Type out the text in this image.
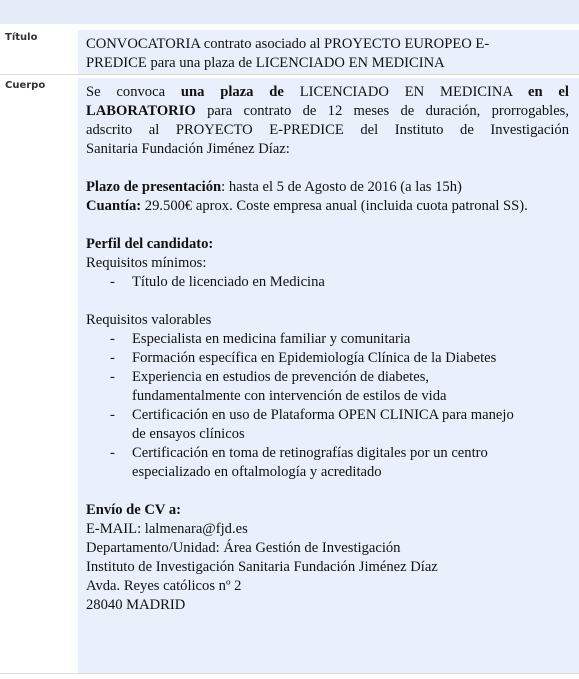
Título	CONVOCATORIA contrato asociado al PROYECTO EUROPEO E-
PREDICE para una plaza de LICENCIADO EN MEDICINA
Cuerpo	Se convoca una plaza de LICENCIADO EN MEDICINA en el
LABORATORIO para contrato de 12 meses de duración, prorrogables,
adscrito al PROYECTO E-PREDICE del Instituto de Investigación
Sanitaria Fundación Jiménez Díaz:
Plazo de presentación: hasta el 5 de Agosto de 2016 (a las 15h)
Cuantía: 29.500€ aprox. Coste empresa anual (incluida cuota patronal SS).
Perfil del candidato:
Requisitos mínimos:
- Título de licenciado en Medicina
Requisitos valorables
- Especialista en medicina familiar y comunitaria
- Formación específica en Epidemiología Clínica de la Diabetes
- Experiencia en estudios de prevención de diabetes,
fundamentalmente con intervención de estilos de vida
- Certificación en uso de Plataforma OPEN CLINICA para manejo
de ensayos clínicos
- Certificación en toma de retinografías digitales por un centro
especializado en oftalmología y acreditado
Envío de CV a:
E-MAIL: lalmenara@fjd.es
Departamento/Unidad: Área Gestión de Investigación
Instituto de Investigación Sanitaria Fundación Jiménez Díaz
Avda. Reyes católicos nº 2
28040 MADRID
